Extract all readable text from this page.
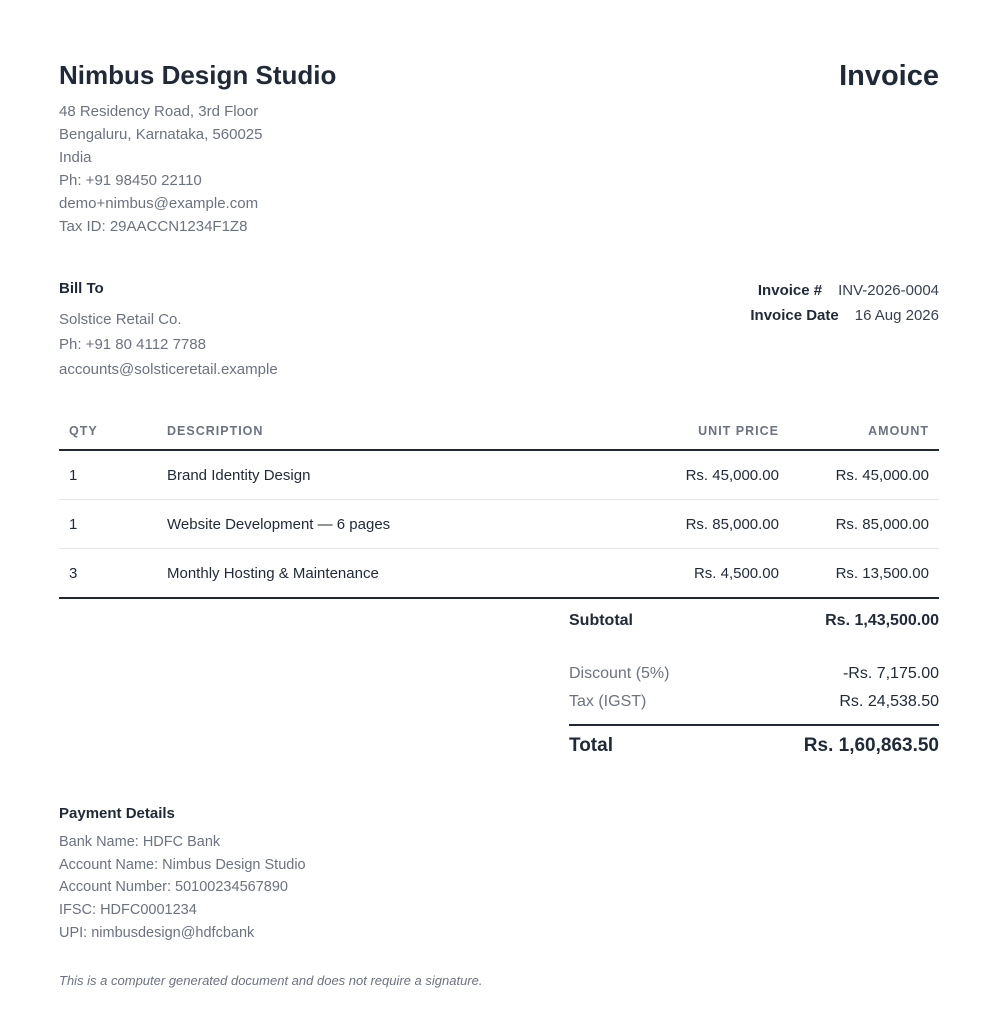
Nimbus Design Studio	Invoice
48 Residency Road, 3rd Floor
Bengaluru, Karnataka, 560025
India
Ph: +91 98450 22110
demo+nimbus@example.com
Tax ID: 29AACCN1234F1Z8
Bill To
Solstice Retail Co.
Ph: +91 80 4112 7788
accounts@solsticeretail.example
Invoice # INV-2026-0004
Invoice Date 16 Aug 2026
QTY	DESCRIPTION	UNIT PRICE	AMOUNT
1	Brand Identity Design	Rs. 45,000.00	Rs. 45,000.00
1	Website Development — 6 pages	Rs. 85,000.00	Rs. 85,000.00
3	Monthly Hosting & Maintenance	Rs. 4,500.00	Rs. 13,500.00
Subtotal	Rs. 1,43,500.00
Discount (5%)	-Rs. 7,175.00
Tax (IGST)	Rs. 24,538.50
Total	Rs. 1,60,863.50
Payment Details
Bank Name: HDFC Bank
Account Name: Nimbus Design Studio
Account Number: 50100234567890
IFSC: HDFC0001234
UPI: nimbusdesign@hdfcbank
This is a computer generated document and does not require a signature.
